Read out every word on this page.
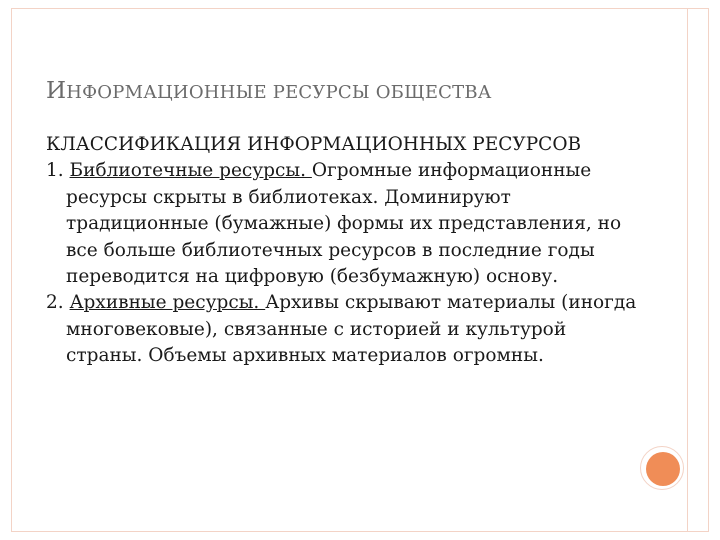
ИНФОРМАЦИОННЫЕ РЕСУРСЫ ОБЩЕСТВА

КЛАССИФИКАЦИЯ ИНФОРМАЦИОННЫХ РЕСУРСОВ

1. Библиотечные ресурсы. Огромные информационные ресурсы скрыты в библиотеках. Доминируют традиционные (бумажные) формы их представления, но все больше библиотечных ресурсов в последние годы переводится на цифровую (безбумажную) основу.

2. Архивные ресурсы. Архивы скрывают материалы (иногда многовековые), связанные с историей и культурой страны. Объемы архивных материалов огромны.
